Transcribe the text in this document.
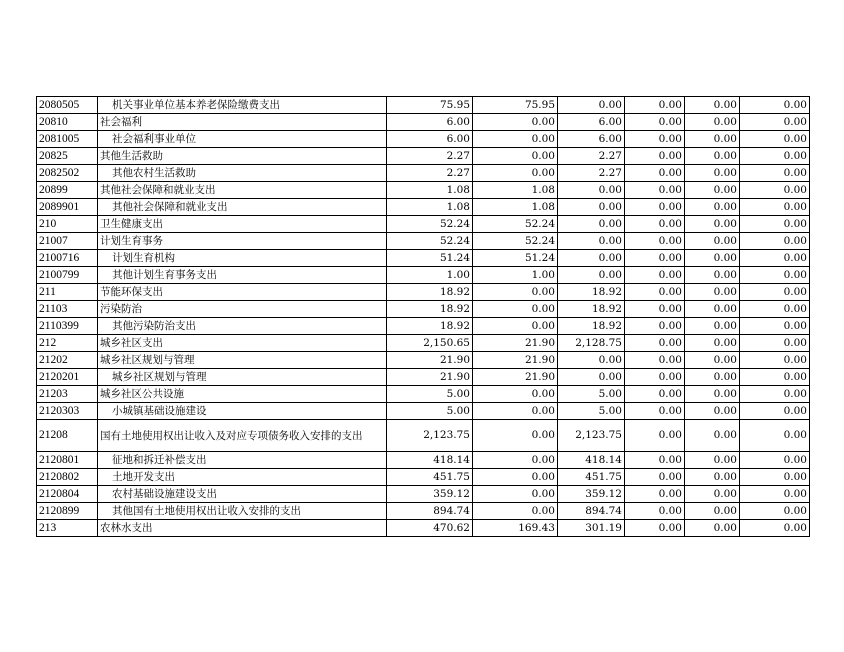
2080505	机关事业单位基本养老保险缴费支出	75.95	75.95	0.00	0.00	0.00	0.00
20810	社会福利	6.00	0.00	6.00	0.00	0.00	0.00
2081005	社会福利事业单位	6.00	0.00	6.00	0.00	0.00	0.00
20825	其他生活救助	2.27	0.00	2.27	0.00	0.00	0.00
2082502	其他农村生活救助	2.27	0.00	2.27	0.00	0.00	0.00
20899	其他社会保障和就业支出	1.08	1.08	0.00	0.00	0.00	0.00
2089901	其他社会保障和就业支出	1.08	1.08	0.00	0.00	0.00	0.00
210	卫生健康支出	52.24	52.24	0.00	0.00	0.00	0.00
21007	计划生育事务	52.24	52.24	0.00	0.00	0.00	0.00
2100716	计划生育机构	51.24	51.24	0.00	0.00	0.00	0.00
2100799	其他计划生育事务支出	1.00	1.00	0.00	0.00	0.00	0.00
211	节能环保支出	18.92	0.00	18.92	0.00	0.00	0.00
21103	污染防治	18.92	0.00	18.92	0.00	0.00	0.00
2110399	其他污染防治支出	18.92	0.00	18.92	0.00	0.00	0.00
212	城乡社区支出	2,150.65	21.90	2,128.75	0.00	0.00	0.00
21202	城乡社区规划与管理	21.90	21.90	0.00	0.00	0.00	0.00
2120201	城乡社区规划与管理	21.90	21.90	0.00	0.00	0.00	0.00
21203	城乡社区公共设施	5.00	0.00	5.00	0.00	0.00	0.00
2120303	小城镇基础设施建设	5.00	0.00	5.00	0.00	0.00	0.00
21208	国有土地使用权出让收入及对应专项债务收入安排的支出	2,123.75	0.00	2,123.75	0.00	0.00	0.00
2120801	征地和拆迁补偿支出	418.14	0.00	418.14	0.00	0.00	0.00
2120802	土地开发支出	451.75	0.00	451.75	0.00	0.00	0.00
2120804	农村基础设施建设支出	359.12	0.00	359.12	0.00	0.00	0.00
2120899	其他国有土地使用权出让收入安排的支出	894.74	0.00	894.74	0.00	0.00	0.00
213	农林水支出	470.62	169.43	301.19	0.00	0.00	0.00
